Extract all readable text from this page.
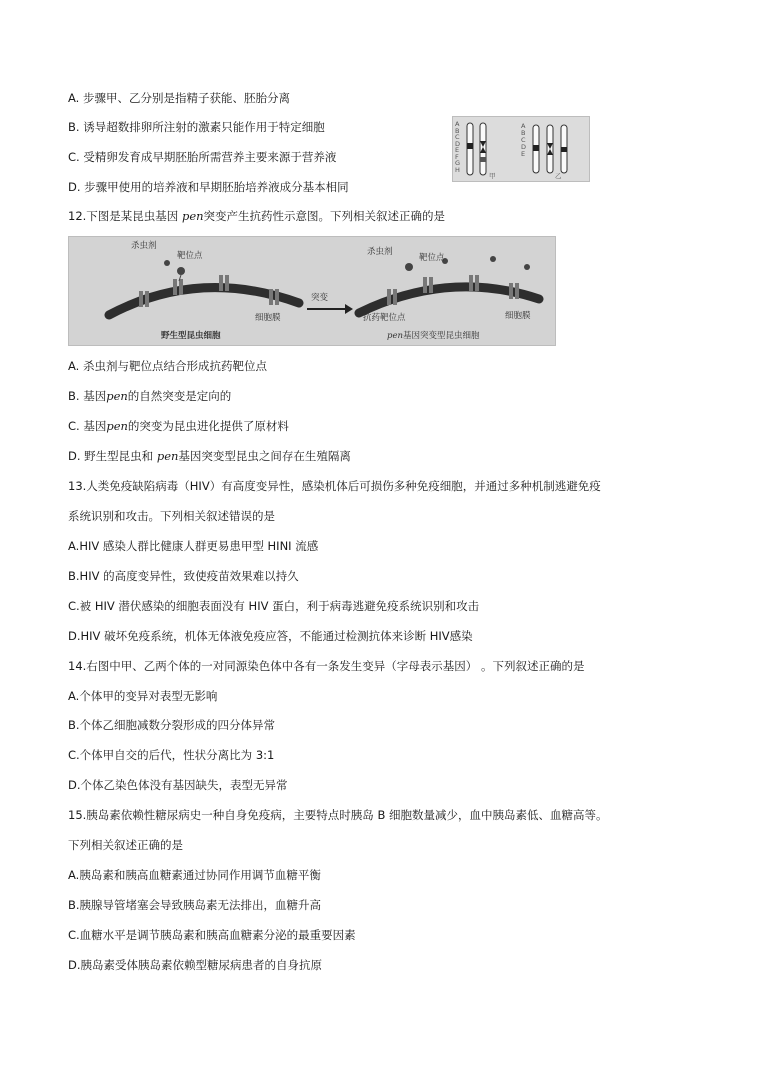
A. 步骤甲、乙分别是指精子获能、胚胎分离
B. 诱导超数排卵所注射的激素只能作用于特定细胞
C. 受精卵发育成早期胚胎所需营养主要来源于营养液
D. 步骤甲使用的培养液和早期胚胎培养液成分基本相同
A B C D E F G H
A B C D E
甲	乙
12.下图是某昆虫基因 pen突变产生抗药性示意图。下列相关叙述正确的是
杀虫剂
靶位点
突变
杀虫剂
靶位点
抗药靶位点
细胞膜	细胞膜
野生型昆虫细胞	pen基因突变型昆虫细胞
A. 杀虫剂与靶位点结合形成抗药靶位点
B. 基因pen的自然突变是定向的
C. 基因pen的突变为昆虫进化提供了原材料
D. 野生型昆虫和 pen基因突变型昆虫之间存在生殖隔离
13.人类免疫缺陷病毒（HIV）有高度变异性，感染机体后可损伤多种免疫细胞，并通过多种机制逃避免疫
系统识别和攻击。下列相关叙述错误的是
A.HIV 感染人群比健康人群更易患甲型 HINI 流感
B.HIV 的高度变异性，致使疫苗效果难以持久
C.被 HIV 潜伏感染的细胞表面没有 HIV 蛋白，利于病毒逃避免疫系统识别和攻击
D.HIV 破坏免疫系统，机体无体液免疫应答，不能通过检测抗体来诊断 HIV感染
14.右图中甲、乙两个体的一对同源染色体中各有一条发生变异（字母表示基因） 。下列叙述正确的是
A.个体甲的变异对表型无影响
B.个体乙细胞减数分裂形成的四分体异常
C.个体甲自交的后代，性状分离比为 3:1
D.个体乙染色体没有基因缺失，表型无异常
15.胰岛素依赖性糖尿病史一种自身免疫病，主要特点时胰岛 B 细胞数量减少，血中胰岛素低、血糖高等。
下列相关叙述正确的是
A.胰岛素和胰高血糖素通过协同作用调节血糖平衡
B.胰腺导管堵塞会导致胰岛素无法排出，血糖升高
C.血糖水平是调节胰岛素和胰高血糖素分泌的最重要因素
D.胰岛素受体胰岛素依赖型糖尿病患者的自身抗原
